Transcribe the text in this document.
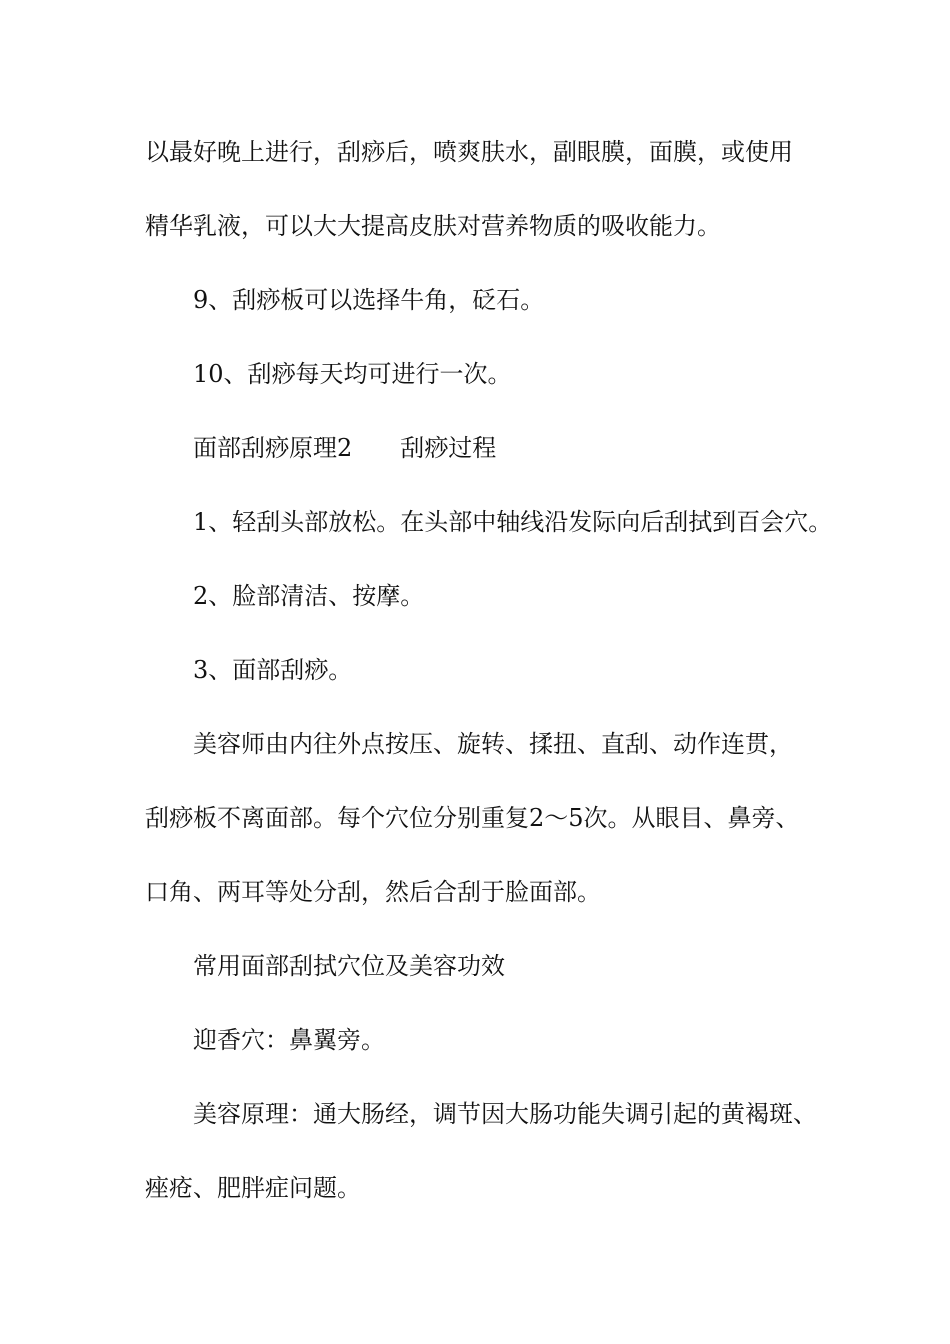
以最好晚上进行，刮痧后，喷爽肤水，副眼膜，面膜，或使用
精华乳液，可以大大提高皮肤对营养物质的吸收能力。
9、刮痧板可以选择牛角，砭石。
10、刮痧每天均可进行一次。
面部刮痧原理2 刮痧过程
1、轻刮头部放松。在头部中轴线沿发际向后刮拭到百会穴。
2、脸部清洁、按摩。
3、面部刮痧。
美容师由内往外点按压、旋转、揉扭、直刮、动作连贯，
刮痧板不离面部。每个穴位分别重复2～5次。从眼目、鼻旁、
口角、两耳等处分刮，然后合刮于脸面部。
常用面部刮拭穴位及美容功效
迎香穴：鼻翼旁。
美容原理：通大肠经，调节因大肠功能失调引起的黄褐斑、
痤疮、肥胖症问题。
